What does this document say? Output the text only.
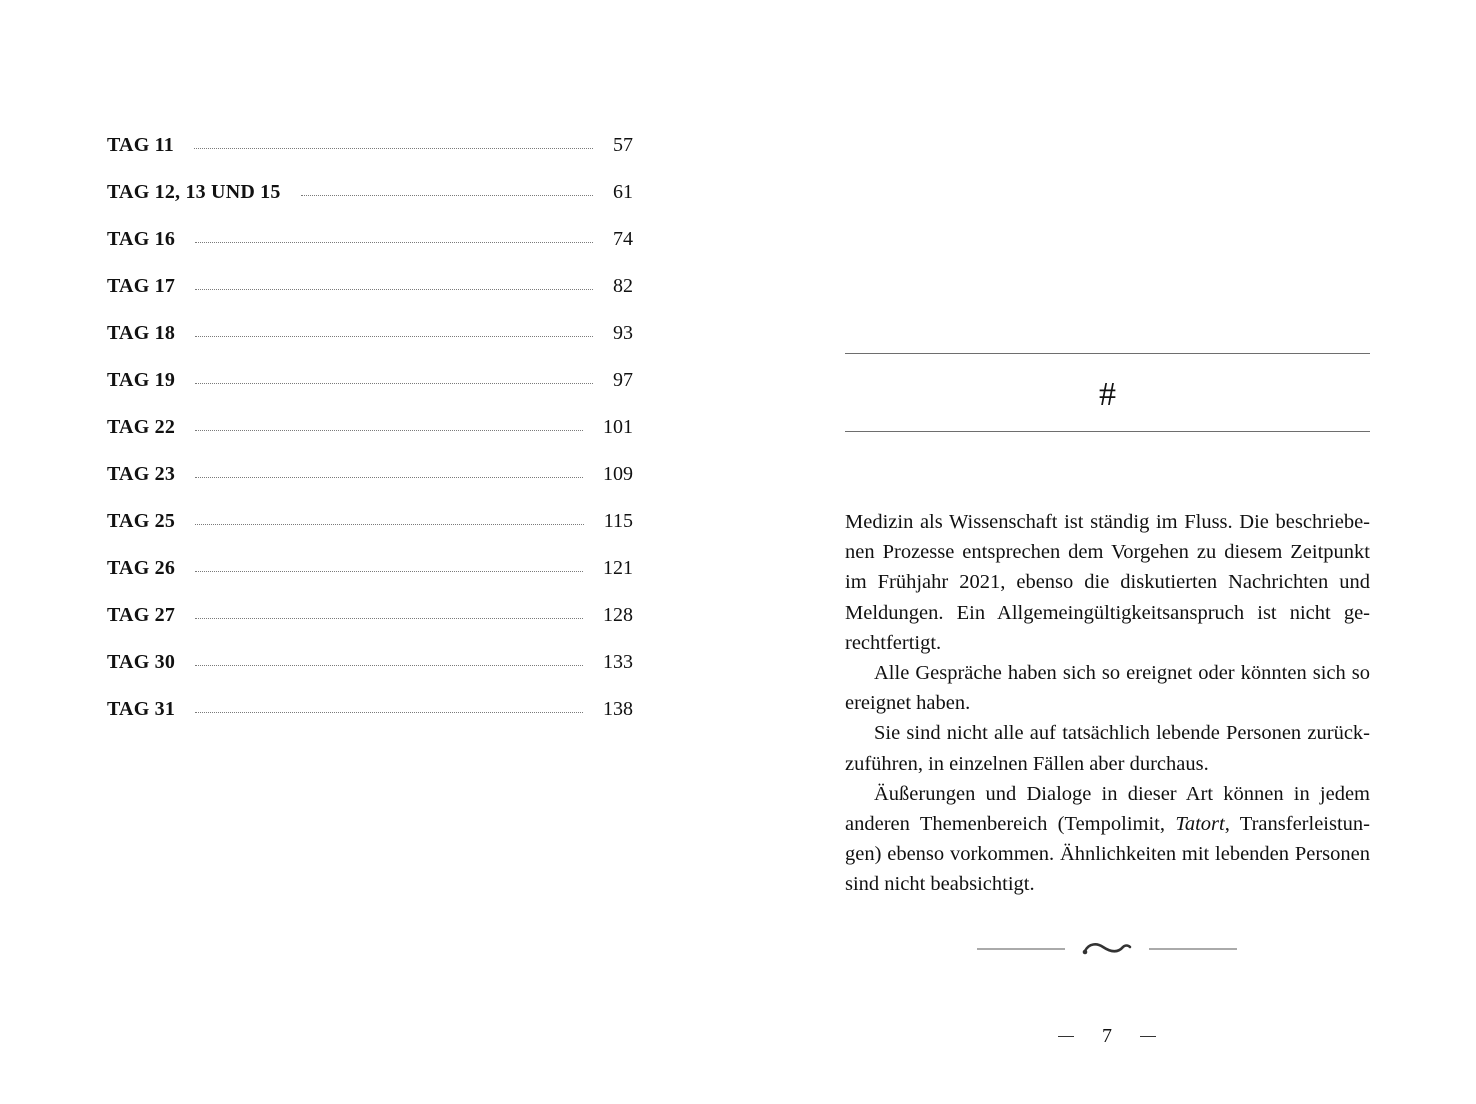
TAG 11	57
TAG 12, 13 UND 15	61
TAG 16	74
TAG 17	82
TAG 18	93
TAG 19	97
TAG 22	101
TAG 23	109
TAG 25	115
TAG 26	121
TAG 27	128
TAG 30	133
TAG 31	138
#

Medizin als Wissenschaft ist ständig im Fluss. Die beschriebenen Prozesse entsprechen dem Vorgehen zu diesem Zeitpunkt im Frühjahr 2021, ebenso die diskutierten Nachrichten und Meldungen. Ein Allgemeingültigkeitsanspruch ist nicht gerechtfertigt.

Alle Gespräche haben sich so ereignet oder könnten sich so ereignet haben.

Sie sind nicht alle auf tatsächlich lebende Personen zurückzuführen, in einzelnen Fällen aber durchaus.

Äußerungen und Dialoge in dieser Art können in jedem anderen Themenbereich (Tempolimit, Tatort, Transferleistungen) ebenso vorkommen. Ähnlichkeiten mit lebenden Personen sind nicht beabsichtigt.

7
